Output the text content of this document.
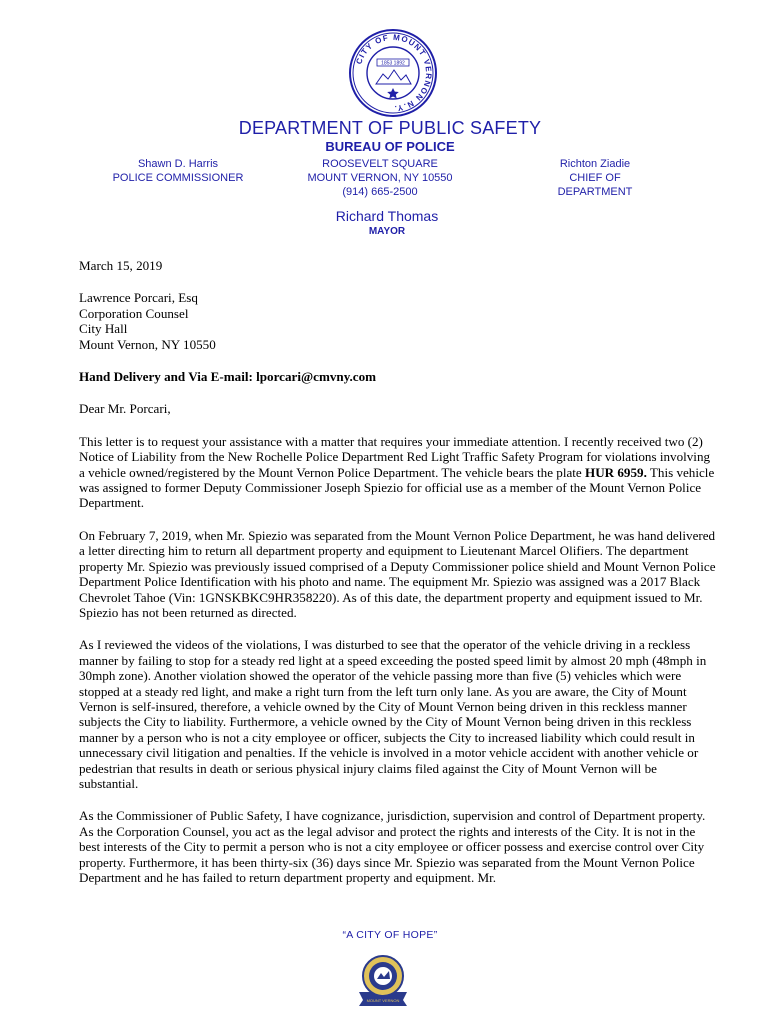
CITY OF MOUNT VERNON N.Y.
1853 1892
DEPARTMENT OF PUBLIC SAFETY
BUREAU OF POLICE
Shawn D. Harris
POLICE COMMISSIONER
ROOSEVELT SQUARE
MOUNT VERNON, NY 10550
(914) 665-2500
Richton Ziadie
CHIEF OF DEPARTMENT
Richard Thomas
MAYOR

March 15, 2019

Lawrence Porcari, Esq
Corporation Counsel
City Hall
Mount Vernon, NY 10550

Hand Delivery and Via E-mail: lporcari@cmvny.com

Dear Mr. Porcari,

This letter is to request your assistance with a matter that requires your immediate attention. I recently received two (2) Notice of Liability from the New Rochelle Police Department Red Light Traffic Safety Program for violations involving a vehicle owned/registered by the Mount Vernon Police Department. The vehicle bears the plate HUR 6959. This vehicle was assigned to former Deputy Commissioner Joseph Spiezio for official use as a member of the Mount Vernon Police Department.

On February 7, 2019, when Mr. Spiezio was separated from the Mount Vernon Police Department, he was hand delivered a letter directing him to return all department property and equipment to Lieutenant Marcel Olifiers. The department property Mr. Spiezio was previously issued comprised of a Deputy Commissioner police shield and Mount Vernon Police Department Police Identification with his photo and name. The equipment Mr. Spiezio was assigned was a 2017 Black Chevrolet Tahoe (Vin: 1GNSKBKC9HR358220). As of this date, the department property and equipment issued to Mr. Spiezio has not been returned as directed.

As I reviewed the videos of the violations, I was disturbed to see that the operator of the vehicle driving in a reckless manner by failing to stop for a steady red light at a speed exceeding the posted speed limit by almost 20 mph (48mph in 30mph zone). Another violation showed the operator of the vehicle passing more than five (5) vehicles which were stopped at a steady red light, and make a right turn from the left turn only lane. As you are aware, the City of Mount Vernon is self-insured, therefore, a vehicle owned by the City of Mount Vernon being driven in this reckless manner subjects the City to liability. Furthermore, a vehicle owned by the City of Mount Vernon being driven in this reckless manner by a person who is not a city employee or officer, subjects the City to increased liability which could result in unnecessary civil litigation and penalties. If the vehicle is involved in a motor vehicle accident with another vehicle or pedestrian that results in death or serious physical injury claims filed against the City of Mount Vernon will be substantial.

As the Commissioner of Public Safety, I have cognizance, jurisdiction, supervision and control of Department property. As the Corporation Counsel, you act as the legal advisor and protect the rights and interests of the City. It is not in the best interests of the City to permit a person who is not a city employee or officer possess and exercise control over City property. Furthermore, it has been thirty-six (36) days since Mr. Spiezio was separated from the Mount Vernon Police Department and he has failed to return department property and equipment. Mr.

“A CITY OF HOPE”
MOUNT VERNON
